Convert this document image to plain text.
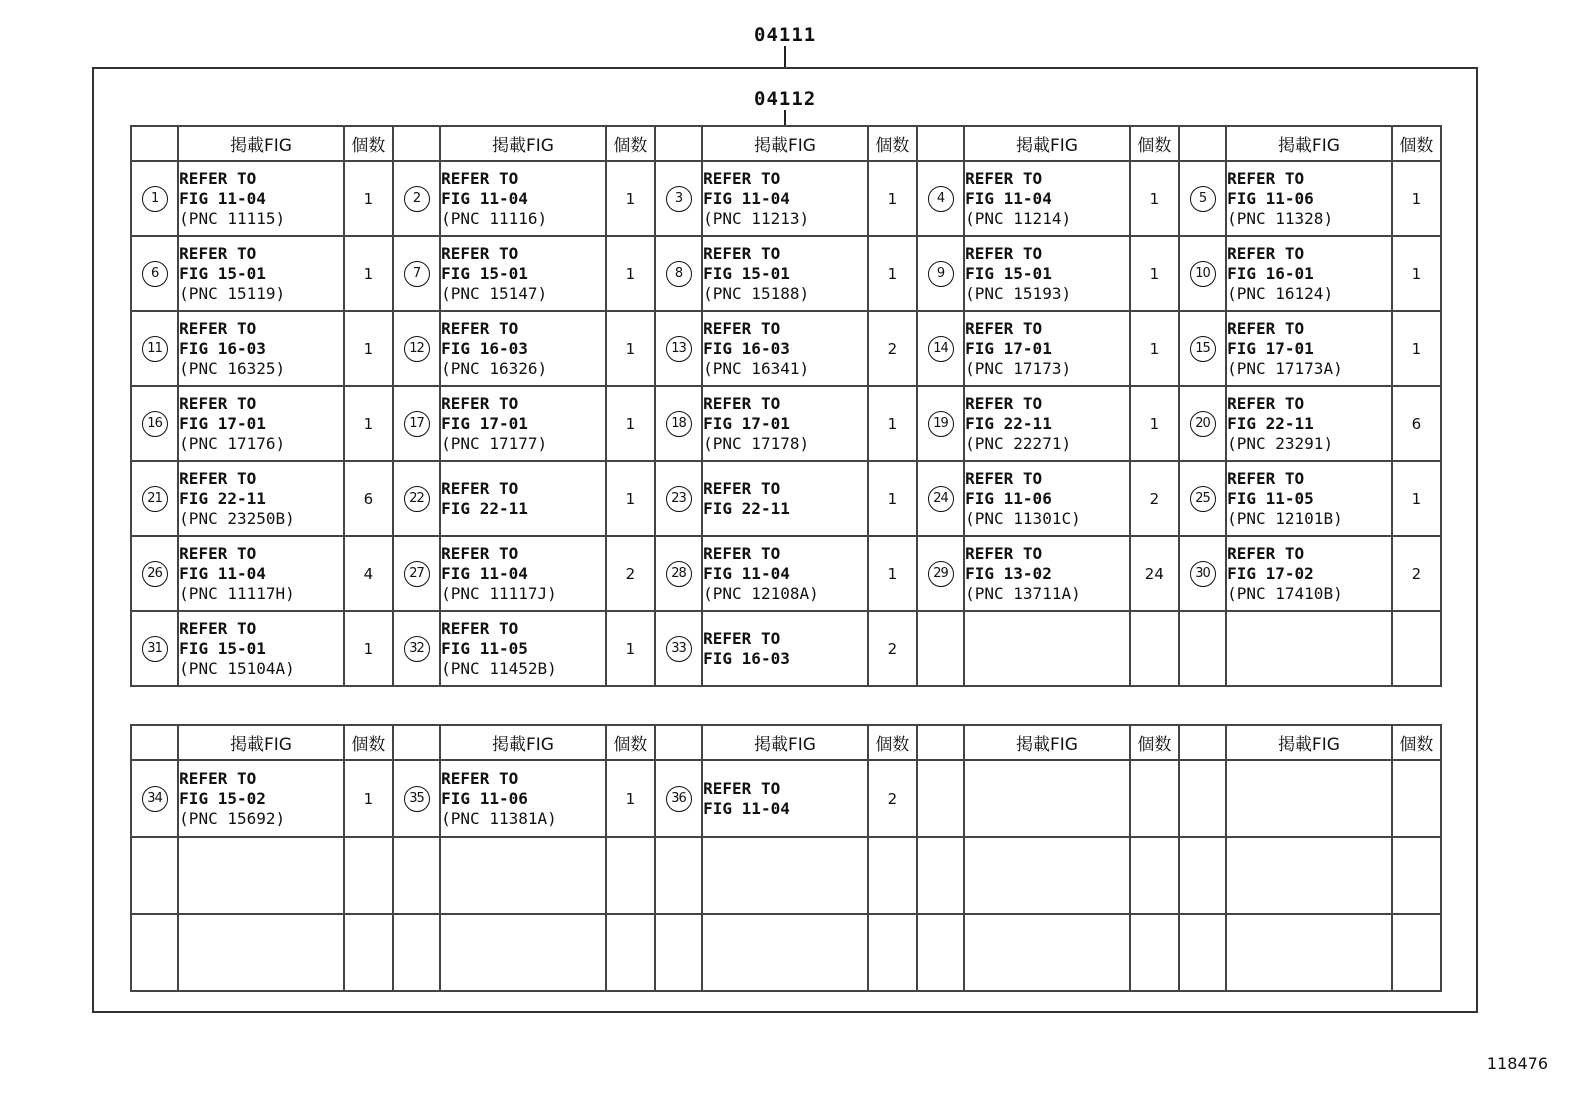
04111
04112
	掲載FIG	個数		掲載FIG	個数		掲載FIG	個数		掲載FIG	個数		掲載FIG	個数
1	REFER TO
FIG 11-04
(PNC 11115)	1	2	REFER TO
FIG 11-04
(PNC 11116)	1	3	REFER TO
FIG 11-04
(PNC 11213)	1	4	REFER TO
FIG 11-04
(PNC 11214)	1	5	REFER TO
FIG 11-06
(PNC 11328)	1
6	REFER TO
FIG 15-01
(PNC 15119)	1	7	REFER TO
FIG 15-01
(PNC 15147)	1	8	REFER TO
FIG 15-01
(PNC 15188)	1	9	REFER TO
FIG 15-01
(PNC 15193)	1	10	REFER TO
FIG 16-01
(PNC 16124)	1
11	REFER TO
FIG 16-03
(PNC 16325)	1	12	REFER TO
FIG 16-03
(PNC 16326)	1	13	REFER TO
FIG 16-03
(PNC 16341)	2	14	REFER TO
FIG 17-01
(PNC 17173)	1	15	REFER TO
FIG 17-01
(PNC 17173A)	1
16	REFER TO
FIG 17-01
(PNC 17176)	1	17	REFER TO
FIG 17-01
(PNC 17177)	1	18	REFER TO
FIG 17-01
(PNC 17178)	1	19	REFER TO
FIG 22-11
(PNC 22271)	1	20	REFER TO
FIG 22-11
(PNC 23291)	6
21	REFER TO
FIG 22-11
(PNC 23250B)	6	22	REFER TO
FIG 22-11	1	23	REFER TO
FIG 22-11	1	24	REFER TO
FIG 11-06
(PNC 11301C)	2	25	REFER TO
FIG 11-05
(PNC 12101B)	1
26	REFER TO
FIG 11-04
(PNC 11117H)	4	27	REFER TO
FIG 11-04
(PNC 11117J)	2	28	REFER TO
FIG 11-04
(PNC 12108A)	1	29	REFER TO
FIG 13-02
(PNC 13711A)	24	30	REFER TO
FIG 17-02
(PNC 17410B)	2
31	REFER TO
FIG 15-01
(PNC 15104A)	1	32	REFER TO
FIG 11-05
(PNC 11452B)	1	33	REFER TO
FIG 16-03	2						
	掲載FIG	個数		掲載FIG	個数		掲載FIG	個数		掲載FIG	個数		掲載FIG	個数
34	REFER TO
FIG 15-02
(PNC 15692)	1	35	REFER TO
FIG 11-06
(PNC 11381A)	1	36	REFER TO
FIG 11-04	2						

118476
